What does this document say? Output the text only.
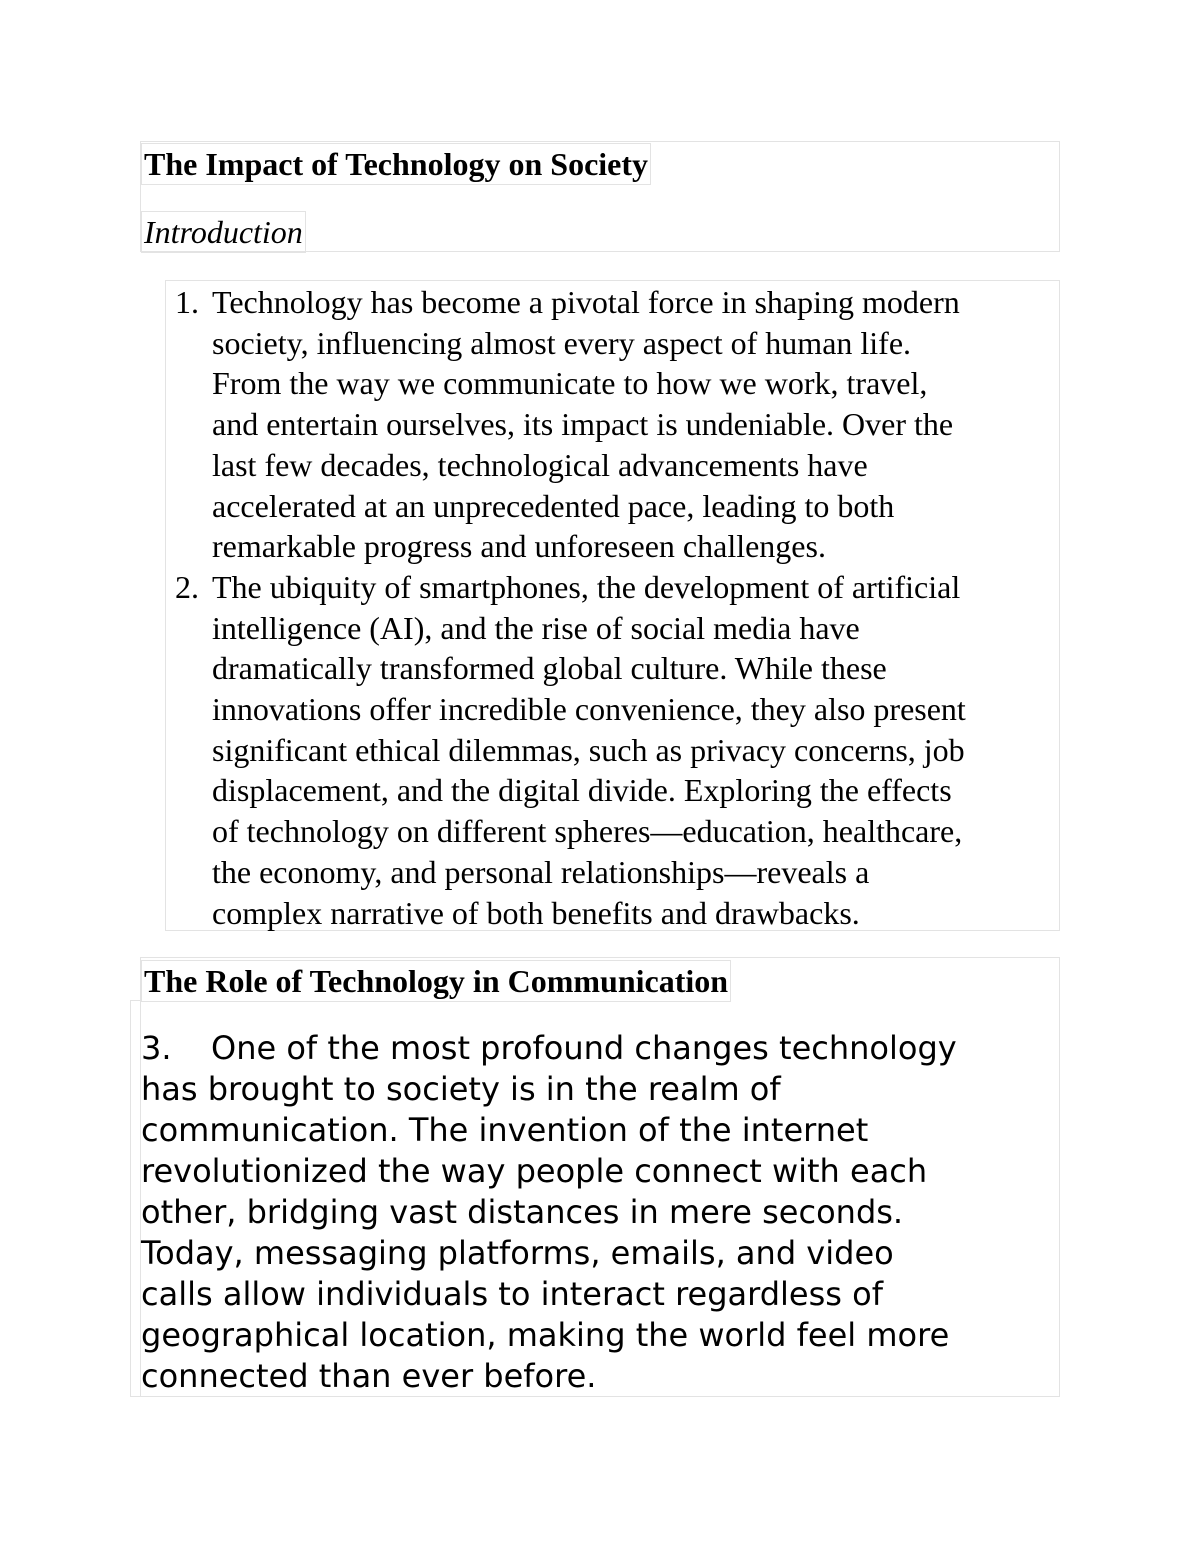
The Impact of Technology on Society
Introduction
1. Technology has become a pivotal force in shaping modern
society, influencing almost every aspect of human life.
From the way we communicate to how we work, travel,
and entertain ourselves, its impact is undeniable. Over the
last few decades, technological advancements have
accelerated at an unprecedented pace, leading to both
remarkable progress and unforeseen challenges.
2. The ubiquity of smartphones, the development of artificial
intelligence (AI), and the rise of social media have
dramatically transformed global culture. While these
innovations offer incredible convenience, they also present
significant ethical dilemmas, such as privacy concerns, job
displacement, and the digital divide. Exploring the effects
of technology on different spheres—education, healthcare,
the economy, and personal relationships—reveals a
complex narrative of both benefits and drawbacks.
The Role of Technology in Communication
3. One of the most profound changes technology
has brought to society is in the realm of
communication. The invention of the internet
revolutionized the way people connect with each
other, bridging vast distances in mere seconds.
Today, messaging platforms, emails, and video
calls allow individuals to interact regardless of
geographical location, making the world feel more
connected than ever before.
